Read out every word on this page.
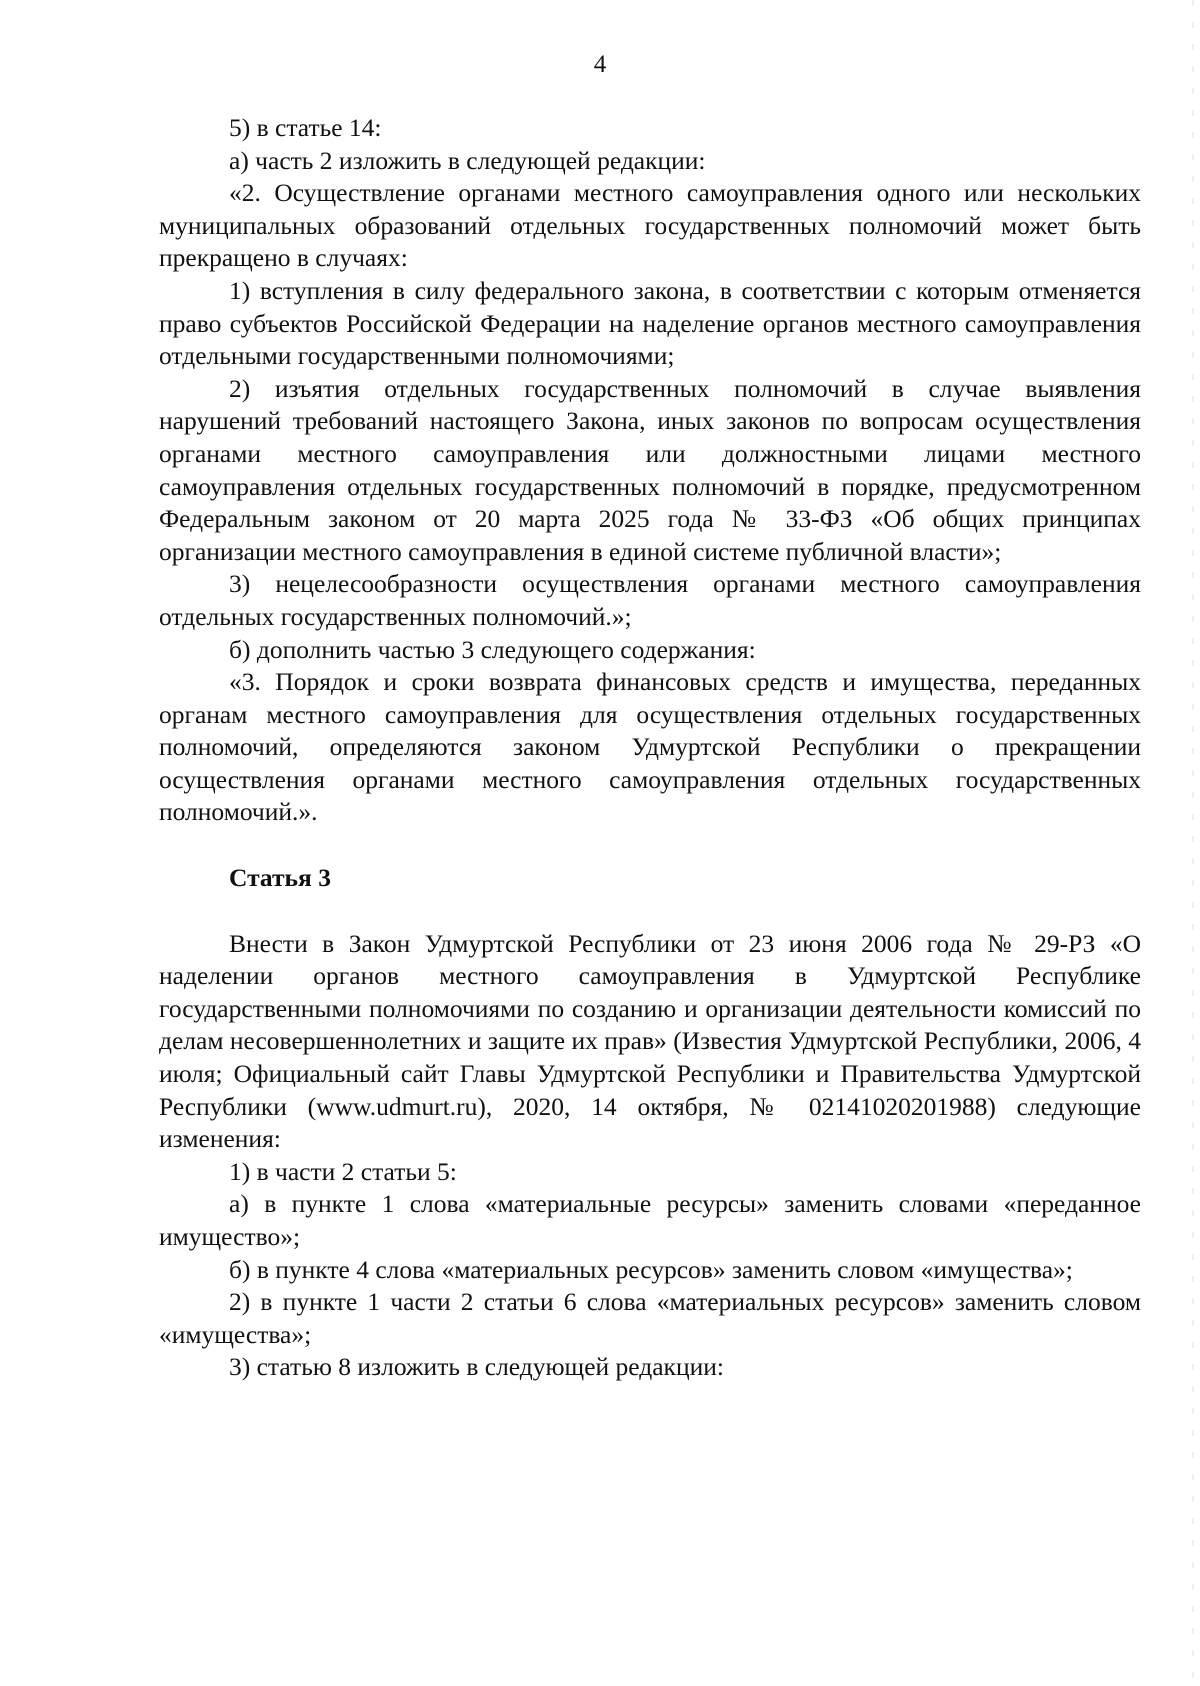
4

5) в статье 14:

а) часть 2 изложить в следующей редакции:

«2. Осуществление органами местного самоуправления одного или нескольких муниципальных образований отдельных государственных полномочий может быть прекращено в случаях:

1) вступления в силу федерального закона, в соответствии с которым отменяется право субъектов Российской Федерации на наделение органов местного самоуправления отдельными государственными полномочиями;

2) изъятия отдельных государственных полномочий в случае выявления нарушений требований настоящего Закона, иных законов по вопросам осуществления органами местного самоуправления или должностными лицами местного самоуправления отдельных государственных полномочий в порядке, предусмотренном Федеральным законом от 20 марта 2025 года № 33-ФЗ «Об общих принципах организации местного самоуправления в единой системе публичной власти»;

3) нецелесообразности осуществления органами местного самоуправления отдельных государственных полномочий.»;

б) дополнить частью 3 следующего содержания:

«3. Порядок и сроки возврата финансовых средств и имущества, переданных органам местного самоуправления для осуществления отдельных государственных полномочий, определяются законом Удмуртской Республики о прекращении осуществления органами местного самоуправления отдельных государственных полномочий.».

Статья 3

Внести в Закон Удмуртской Республики от 23 июня 2006 года № 29-РЗ «О наделении органов местного самоуправления в Удмуртской Республике государственными полномочиями по созданию и организации деятельности комиссий по делам несовершеннолетних и защите их прав» (Известия Удмуртской Республики, 2006, 4 июля; Официальный сайт Главы Удмуртской Республики и Правительства Удмуртской Республики (www.udmurt.ru), 2020, 14 октября, № 02141020201988) следующие изменения:

1) в части 2 статьи 5:

а) в пункте 1 слова «материальные ресурсы» заменить словами «переданное имущество»;

б) в пункте 4 слова «материальных ресурсов» заменить словом «имущества»;

2) в пункте 1 части 2 статьи 6 слова «материальных ресурсов» заменить словом «имущества»;

3) статью 8 изложить в следующей редакции:
